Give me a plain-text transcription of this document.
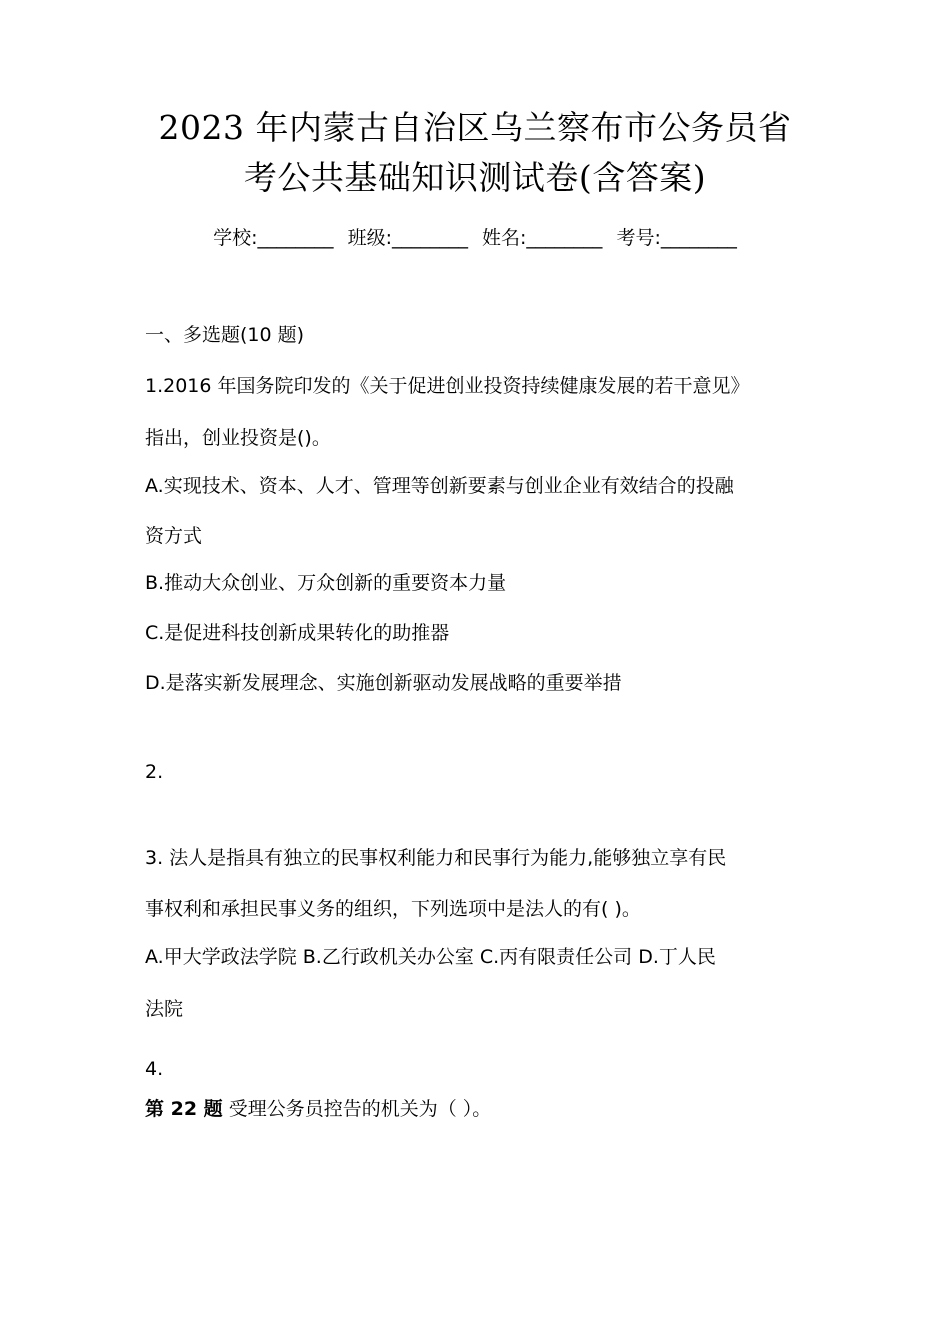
2023 年内蒙古自治区乌兰察布市公务员省
考公共基础知识测试卷(含答案)
学校:________ 班级:________ 姓名:________ 考号:________
一、多选题(10 题)
1.2016 年国务院印发的《关于促进创业投资持续健康发展的若干意见》
指出，创业投资是()。
A.实现技术、资本、人才、管理等创新要素与创业企业有效结合的投融
资方式
B.推动大众创业、万众创新的重要资本力量
C.是促进科技创新成果转化的助推器
D.是落实新发展理念、实施创新驱动发展战略的重要举措
2.
3. 法人是指具有独立的民事权利能力和民事行为能力,能够独立享有民
事权利和承担民事义务的组织，下列选项中是法人的有( )。
A.甲大学政法学院 B.乙行政机关办公室 C.丙有限责任公司 D.丁人民
法院
4.
第 22 题 受理公务员控告的机关为（ ）。
